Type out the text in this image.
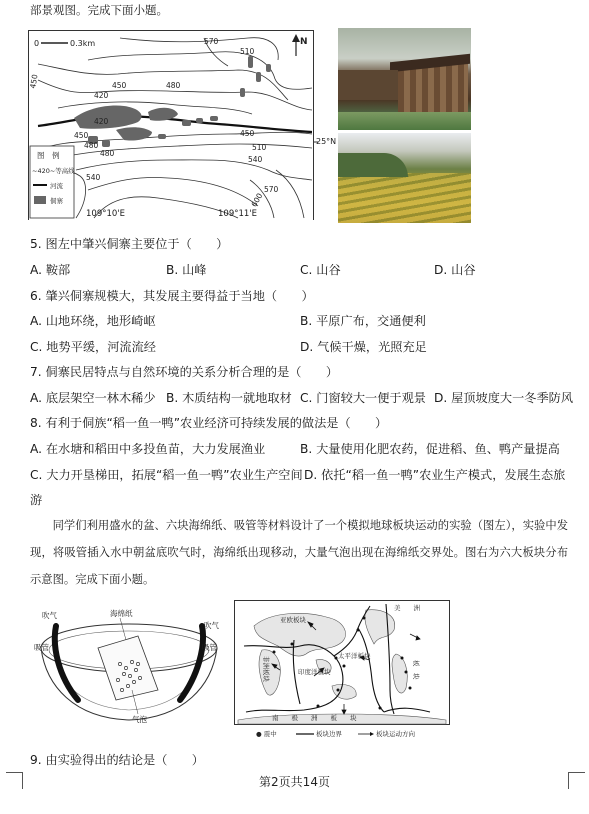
部景观图。完成下面小题。
0	0.3km	N
570
510
480
450
420
420
450
480
450
480	510
540
540
570
600
450
图　例
~420~等高线
河流
侗寨
25°N
109°10'E	109°11'E
5. 图左中肇兴侗寨主要位于（　　）
A. 鞍部	B. 山峰	C. 山谷	D. 山谷
6. 肇兴侗寨规模大，其发展主要得益于当地（　　）
A. 山地环绕，地形崎岖	B. 平原广布，交通便利
C. 地势平缓，河流流经	D. 气候干燥，光照充足
7. 侗寨民居特点与自然环境的关系分析合理的是（　　）
A. 底层架空一林木稀少 B. 木质结构一就地取材 C. 门窗较大一便于观景 D. 屋顶坡度大一冬季防风
8. 有利于侗族“稻一鱼一鸭”农业经济可持续发展的做法是（　　）
A. 在水塘和稻田中多投鱼苗，大力发展渔业	B. 大量使用化肥农药，促进稻、鱼、鸭产量提高
C. 大力开垦梯田，拓展“稻一鱼一鸭”农业生产空间 D. 依托“稻一鱼一鸭”农业生产模式，发展生态旅
游
同学们利用盛水的盆、六块海绵纸、吸管等材料设计了一个模拟地球板块运动的实验（图左），实验中发现，将吸管插入水中朝盆底吹气时，海绵纸出现移动，大量气泡出现在海绵纸交界处。图右为六大板块分布示意图。完成下面小题。
吹气
吸管
海绵纸
吹气
吸管
气泡
亚欧板块
美　　洲
非洲板块	太平洋板块
印度洋板块	板　块
南　　极　　洲　　板　　块
● 震中	板块边界	板块运动方向
9. 由实验得出的结论是（　　）
第2页共14页
